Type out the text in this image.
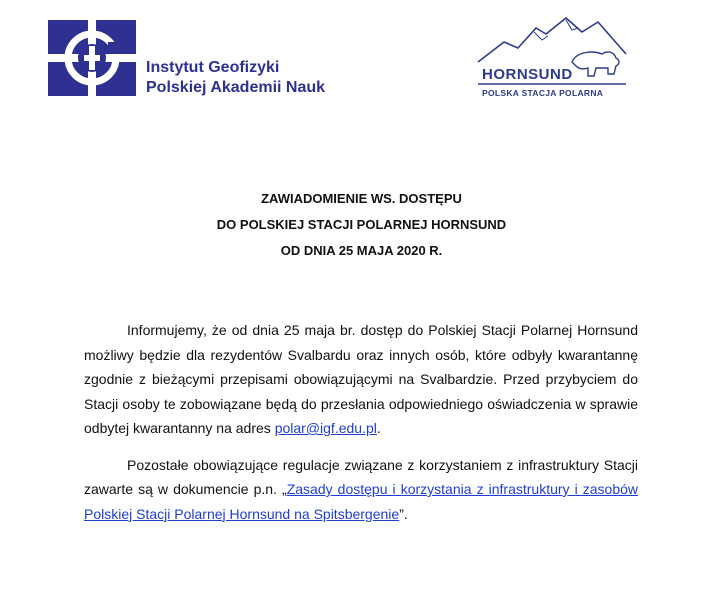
Instytut Geofizyki
Polskiej Akademii Nauk
HORNSUND
POLSKA STACJA POLARNA
ZAWIADOMIENIE WS. DOSTĘPU
DO POLSKIEJ STACJI POLARNEJ HORNSUND
OD DNIA 25 MAJA 2020 R.

Informujemy, że od dnia 25 maja br. dostęp do Polskiej Stacji Polarnej Hornsund możliwy będzie dla rezydentów Svalbardu oraz innych osób, które odbyły kwarantannę zgodnie z bieżącymi przepisami obowiązującymi na Svalbardzie. Przed przybyciem do Stacji osoby te zobowiązane będą do przesłania odpowiedniego oświadczenia w sprawie odbytej kwarantanny na adres polar@igf.edu.pl.

Pozostałe obowiązujące regulacje związane z korzystaniem z infrastruktury Stacji zawarte są w dokumencie p.n. „Zasady dostępu i korzystania z infrastruktury i zasobów Polskiej Stacji Polarnej Hornsund na Spitsbergenie”.
